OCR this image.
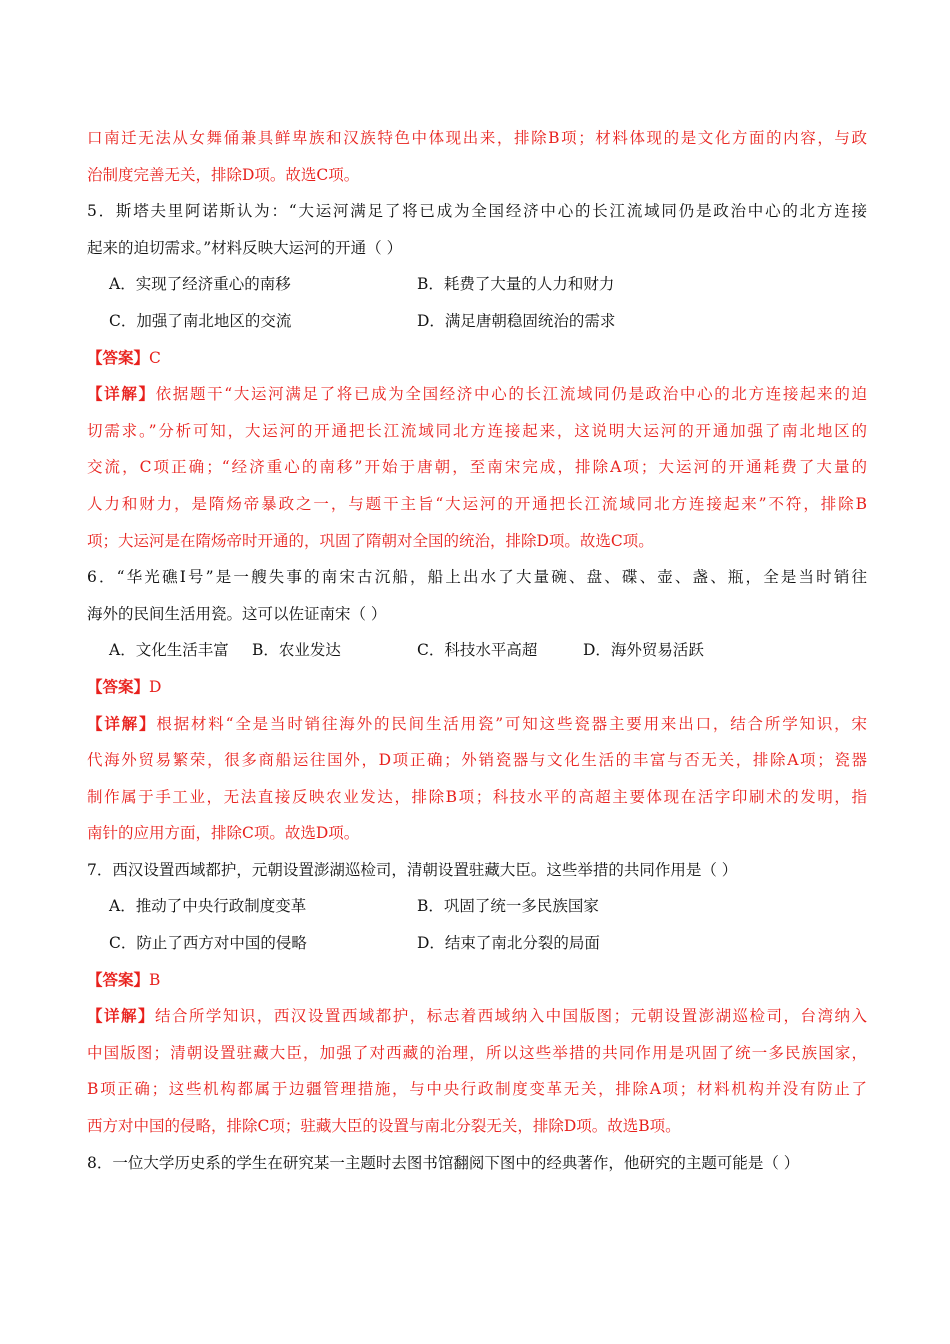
口南迁无法从女舞俑兼具鲜卑族和汉族特色中体现出来，排除B项；材料体现的是文化方面的内容，与政
治制度完善无关，排除D项。故选C项。
5．斯塔夫里阿诺斯认为：“大运河满足了将已成为全国经济中心的长江流域同仍是政治中心的北方连接
起来的迫切需求。”材料反映大运河的开通（ ）
A．实现了经济重心的南移	B．耗费了大量的人力和财力
C．加强了南北地区的交流	D．满足唐朝稳固统治的需求
【答案】C
【详解】依据题干“大运河满足了将已成为全国经济中心的长江流域同仍是政治中心的北方连接起来的迫
切需求。”分析可知，大运河的开通把长江流域同北方连接起来，这说明大运河的开通加强了南北地区的
交流，C项正确；“经济重心的南移”开始于唐朝，至南宋完成，排除A项；大运河的开通耗费了大量的
人力和财力，是隋炀帝暴政之一，与题干主旨“大运河的开通把长江流域同北方连接起来”不符，排除B
项；大运河是在隋炀帝时开通的，巩固了隋朝对全国的统治，排除D项。故选C项。
6．“华光礁Ⅰ号”是一艘失事的南宋古沉船，船上出水了大量碗、盘、碟、壶、盏、瓶，全是当时销往
海外的民间生活用瓷。这可以佐证南宋（ ）
A．文化生活丰富 B．农业发达	C．科技水平高超	D．海外贸易活跃
【答案】D
【详解】根据材料“全是当时销往海外的民间生活用瓷”可知这些瓷器主要用来出口，结合所学知识，宋
代海外贸易繁荣，很多商船运往国外，D项正确；外销瓷器与文化生活的丰富与否无关，排除A项；瓷器
制作属于手工业，无法直接反映农业发达，排除B项；科技水平的高超主要体现在活字印刷术的发明，指
南针的应用方面，排除C项。故选D项。
7．西汉设置西域都护，元朝设置澎湖巡检司，清朝设置驻藏大臣。这些举措的共同作用是（ ）
A．推动了中央行政制度变革	B．巩固了统一多民族国家
C．防止了西方对中国的侵略	D．结束了南北分裂的局面
【答案】B
【详解】结合所学知识，西汉设置西域都护，标志着西域纳入中国版图；元朝设置澎湖巡检司，台湾纳入
中国版图；清朝设置驻藏大臣，加强了对西藏的治理，所以这些举措的共同作用是巩固了统一多民族国家，
B项正确；这些机构都属于边疆管理措施，与中央行政制度变革无关，排除A项；材料机构并没有防止了
西方对中国的侵略，排除C项；驻藏大臣的设置与南北分裂无关，排除D项。故选B项。
8．一位大学历史系的学生在研究某一主题时去图书馆翻阅下图中的经典著作，他研究的主题可能是（ ）
